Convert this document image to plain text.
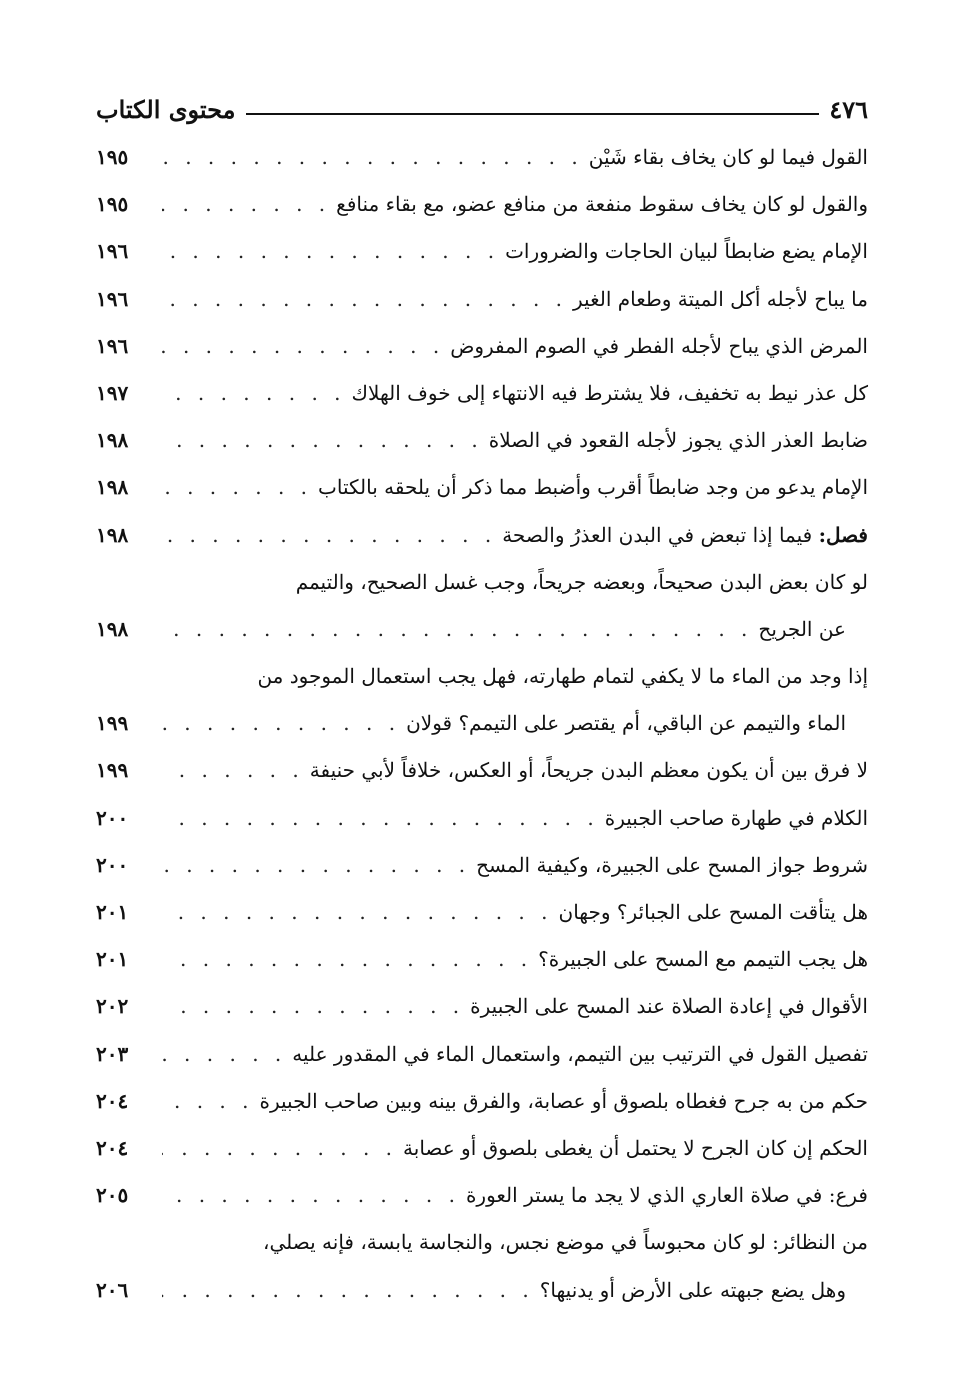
٤٧٦
محتوى الكتاب
القول فيما لو كان يخاف بقاء شَيْن
. . .
١٩٥
والقول لو كان يخاف سقوط منفعة من منافع عضو، مع بقاء منافع
. . .
١٩٥
الإمام يضع ضابطاً لبيان الحاجات والضرورات
. . .
١٩٦
ما يباح لأجله أكل الميتة وطعام الغير
. . .
١٩٦
المرض الذي يباح لأجله الفطر في الصوم المفروض
. . .
١٩٦
كل عذر نيط به تخفيف، فلا يشترط فيه الانتهاء إلى خوف الهلاك
. . .
١٩٧
ضابط العذر الذي يجوز لأجله القعود في الصلاة
. . .
١٩٨
الإمام يدعو من وجد ضابطاً أقرب وأضبط مما ذكر أن يلحقه بالكتاب
. . .
١٩٨
فصل: فيما إذا تبعض في البدن العذرُ والصحة
. . .
١٩٨
لو كان بعض البدن صحيحاً، وبعضه جريحاً، وجب غسل الصحيح، والتيمم
عن الجريح
. . .
١٩٨
إذا وجد من الماء ما لا يكفي لتمام طهارته، فهل يجب استعمال الموجود من
الماء والتيمم عن الباقي، أم يقتصر على التيمم؟ قولان
. . .
١٩٩
لا فرق بين أن يكون معظم البدن جريحاً، أو العكس، خلافاً لأبي حنيفة
. . .
١٩٩
الكلام في طهارة صاحب الجبيرة
. . .
٢٠٠
شروط جواز المسح على الجبيرة، وكيفية المسح
. . .
٢٠٠
هل يتأقت المسح على الجبائر؟ وجهان
. . .
٢٠١
هل يجب التيمم مع المسح على الجبيرة؟
. . .
٢٠١
الأقوال في إعادة الصلاة عند المسح على الجبيرة
. . .
٢٠٢
تفصيل القول في الترتيب بين التيمم، واستعمال الماء في المقدور عليه
. . .
٢٠٣
حكم من به جرح فغطاه بلصوق أو عصابة، والفرق بينه وبين صاحب الجبيرة
. . .
٢٠٤
الحكم إن كان الجرح لا يحتمل أن يغطى بلصوق أو عصابة
. . .
٢٠٤
فرع: في صلاة العاري الذي لا يجد ما يستر العورة
. . .
٢٠٥
من النظائر: لو كان محبوساً في موضع نجس، والنجاسة يابسة، فإنه يصلي،
وهل يضع جبهته على الأرض أو يدنيها؟
. . .
٢٠٦
